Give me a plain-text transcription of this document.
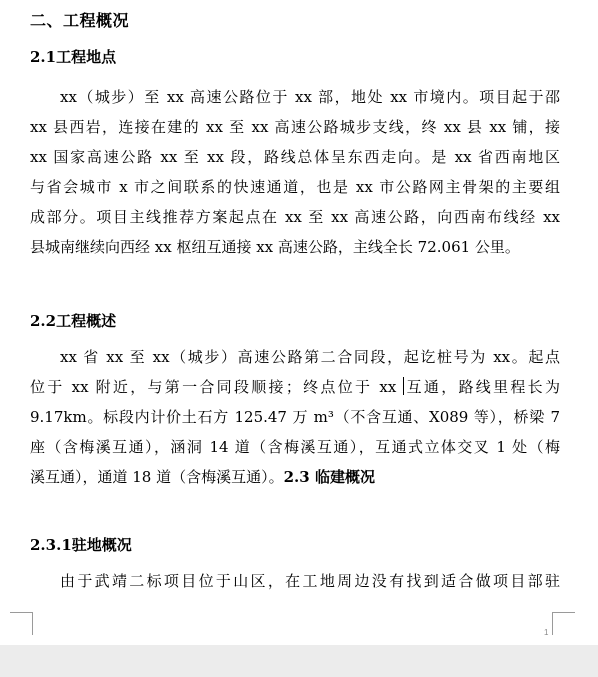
二、工程概况
2.1工程地点
xx（城步）至 xx 高速公路位于 xx 部，地处 xx 市境内。项目起于邵
xx 县西岩，连接在建的 xx 至 xx 高速公路城步支线，终 xx 县 xx 铺，接
xx 国家高速公路 xx 至 xx 段，路线总体呈东西走向。是 xx 省西南地区
与省会城市 x 市之间联系的快速通道，也是 xx 市公路网主骨架的主要组
成部分。项目主线推荐方案起点在 xx 至 xx 高速公路，向西南布线经 xx
县城南继续向西经 xx 枢纽互通接 xx 高速公路，主线全长 72.061 公里。
2.2工程概述
xx 省 xx 至 xx（城步）高速公路第二合同段，起讫桩号为 xx。起点
位于 xx 附近，与第一合同段顺接；终点位于 xx 互通，路线里程长为
9.17km。标段内计价土石方 125.47 万 m³（不含互通、X089 等），桥梁 7
座（含梅溪互通），涵洞 14 道（含梅溪互通），互通式立体交叉 1 处（梅
溪互通），通道 18 道（含梅溪互通）。2.3 临建概况
2.3.1驻地概况
由于武靖二标项目位于山区，在工地周边没有找到适合做项目部驻
1
